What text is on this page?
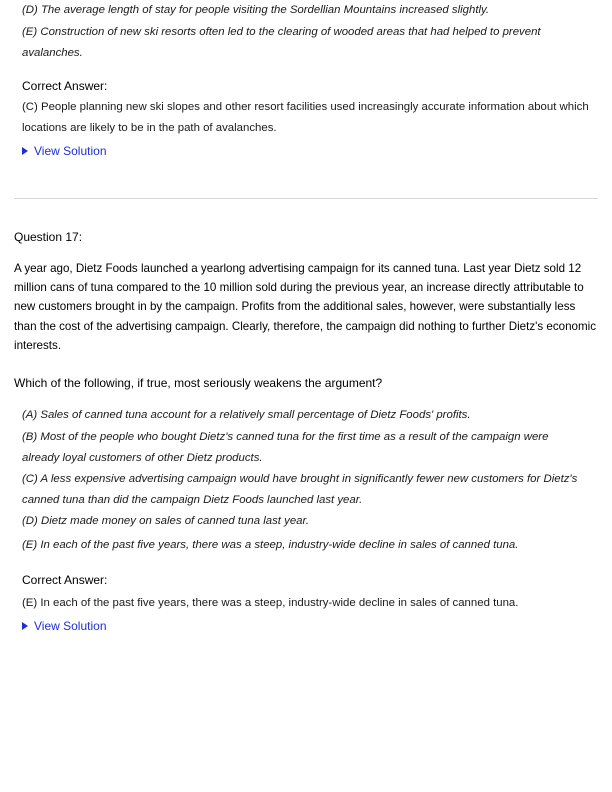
(D) The average length of stay for people visiting the Sordellian Mountains increased slightly.
(E) Construction of new ski resorts often led to the clearing of wooded areas that had helped to prevent avalanches.
Correct Answer:
(C) People planning new ski slopes and other resort facilities used increasingly accurate information about which locations are likely to be in the path of avalanches.
View Solution
Question 17:
A year ago, Dietz Foods launched a yearlong advertising campaign for its canned tuna. Last year Dietz sold 12 million cans of tuna compared to the 10 million sold during the previous year, an increase directly attributable to new customers brought in by the campaign. Profits from the additional sales, however, were substantially less than the cost of the advertising campaign. Clearly, therefore, the campaign did nothing to further Dietz's economic interests.
Which of the following, if true, most seriously weakens the argument?
(A) Sales of canned tuna account for a relatively small percentage of Dietz Foods' profits.
(B) Most of the people who bought Dietz's canned tuna for the first time as a result of the campaign were already loyal customers of other Dietz products.
(C) A less expensive advertising campaign would have brought in significantly fewer new customers for Dietz's canned tuna than did the campaign Dietz Foods launched last year.
(D) Dietz made money on sales of canned tuna last year.
(E) In each of the past five years, there was a steep, industry-wide decline in sales of canned tuna.
Correct Answer:
(E) In each of the past five years, there was a steep, industry-wide decline in sales of canned tuna.
View Solution
